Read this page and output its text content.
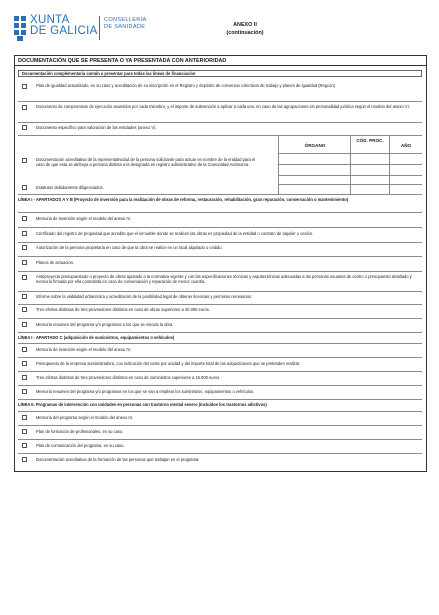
XUNTA
DE GALICIA
CONSELLERÍA
DE SANIDADE	ANEXO II
(continuación)
DOCUMENTACIÓN QUE SE PRESENTA O YA PRESENTADA CON ANTERIORIDAD
Documentación complementaria común a presentar para todas las líneas de financiación
Plan de igualdad actualizado, en su caso y acreditación de su inscripción en el Registro y depósito de convenios colectivos de trabajo y planes de igualdad (Regcon)
Documento de compromisos de ejecución asumidos por cada miembro, y el importe de subvención a aplicar a cada uno, en caso de las agrupaciones sin personalidad jurídica según el modelo del anexo VI.
Documento específico para valoración de las entidades (anexo V).
ÓRGANO
CÓD. PROC.
AÑO
Documentación acreditativa de la representatividad de la persona solicitante para actuar en nombre de la entidad para el caso de que esta se atribuya a persona distinta a la designada en registro administrativo de la Comunidad Autónoma.
Estatutos debidamente diligenciados.
LÍNEA I - APARTADOS A Y B (Proyecto de inversión para la realización de obras de reforma, restauración, rehabilitación, gran reparación, conservación o mantenimiento)
Memoria de inversión según el modelo del anexo IV.
Certificado del registro de propiedad que acredite que el inmueble donde se realicen las obras es propiedad de la entidad o contrato de alquiler o cesión.
Autorización de la persona propietaria en caso de que la obra se realice en un local alquilado o cedido.
Planos de actuación.
Anteproyecto presupuestado o proyecto de obras ajustado a la normativa vigente y con las especificaciones técnicas y arquitectónicas adecuadas a las personas usuarias de centro o presupuesto detallado y memoria firmada por ella contratista en caso de conservación y reparación de menor cuantía.
Informe sobre la viabilidad urbanística y acreditación de la posibilidad legal de obtener licencias y permisos necesarios.
Tres ofertas distintas de tres proveedores distintos en caso de obras superiores a 40.000 euros.
Memoria resumen del programa y/o programas a los que se vincula la obra.
LÍNEA I - APARTADO C (adquisición de suministros, equipamientos o vehículos)
Memoria de inversión según el modelo del anexo IV.
Presupuesto de la empresa suministradora, con indicación del coste por unidad y del importe total de las adquisiciones que se pretenden realizar.
Tres ofertas distintas de tres proveedores distintos en caso de suministros superiores a 15.000 euros.
Memoria resumen del programa y/o programas en los que se van a emplear los suministros, equipamientos o vehículos.
LÍNEA II. Programas de intervención con unidades en personas con trastorno mental severo (incluidos los trastornos adictivos)
Memoria del programa según el modelo del anexo III.
Plan de formación de profesionales, en su caso.
Plan de comunicación del programa, en su caso.
Documentación acreditativa de la formación de las personas que trabajan en el programa.
